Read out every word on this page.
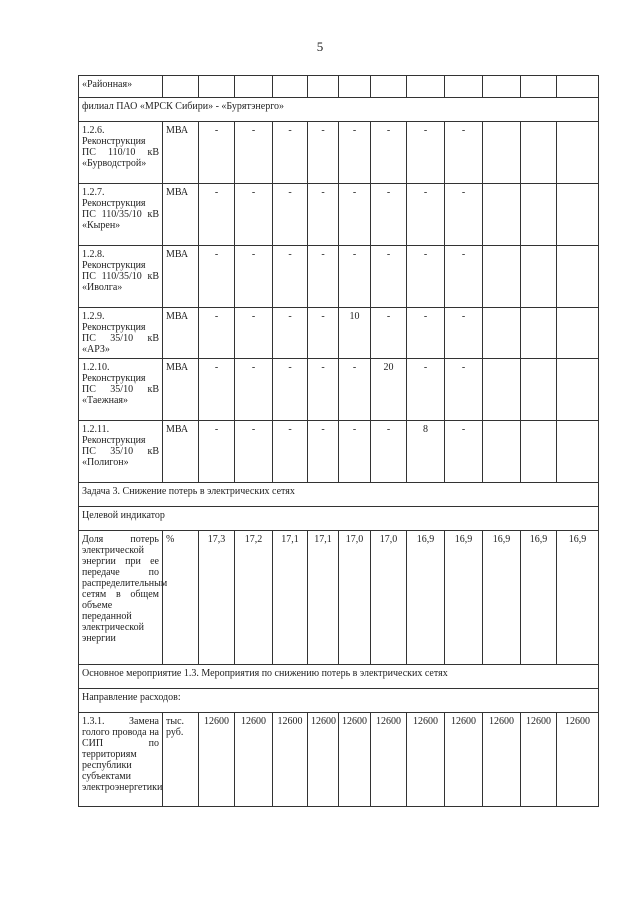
5
«Районная»												
филиал ПАО «МРСК Сибири» - «Бурятэнерго»												
1.2.6. Реконструкция ПС 110/10 кВ «Бурводстрой»	МВА	-	-	-	-	-	-	-	-			
1.2.7. Реконструкция ПС 110/35/10 кВ «Кырен»	МВА	-	-	-	-	-	-	-	-			
1.2.8. Реконструкция ПС 110/35/10 кВ «Иволга»	МВА	-	-	-	-	-	-	-	-			
1.2.9. Реконструкция ПС 35/10 кВ «АРЗ»	МВА	-	-	-	-	10	-	-	-			
1.2.10. Реконструкция ПС 35/10 кВ «Таежная»	МВА	-	-	-	-	-	20	-	-			
1.2.11. Реконструкция ПС 35/10 кВ «Полигон»	МВА	-	-	-	-	-	-	8	-			
Задача 3. Снижение потерь в электрических сетях												
Целевой индикатор												
Доля потерь электрической энергии при ее передаче по распределительным сетям в общем объеме переданной электрической энергии	%	17,3	17,2	17,1	17,1	17,0	17,0	16,9	16,9	16,9	16,9	16,9
Основное мероприятие 1.3. Мероприятия по снижению потерь в электрических сетях												
Направление расходов:												
1.3.1. Замена голого провода на СИП по территориям республики субъектами электроэнергетики	тыс. руб.	12600	12600	12600	12600	12600	12600	12600	12600	12600	12600	12600
